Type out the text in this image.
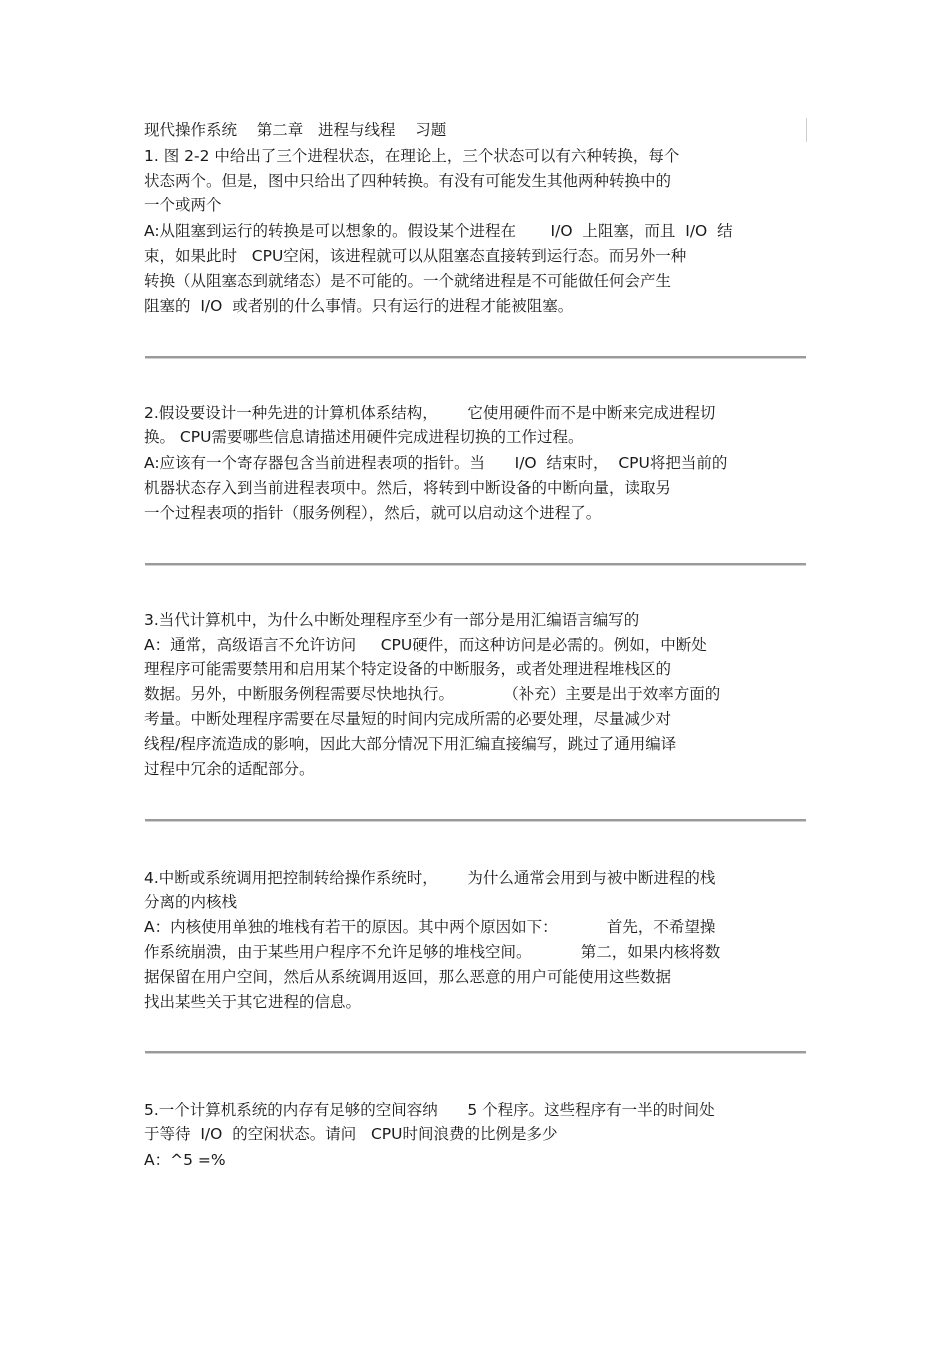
现代操作系统    第二章   进程与线程    习题
1. 图 2-2 中给出了三个进程状态，在理论上，三个状态可以有六种转换，每个
状态两个。但是，图中只给出了四种转换。有没有可能发生其他两种转换中的
一个或两个
A:从阻塞到运行的转换是可以想象的。假设某个进程在       I/O  上阻塞，而且  I/O  结
束，如果此时   CPU空闲，该进程就可以从阻塞态直接转到运行态。而另外一种
转换（从阻塞态到就绪态）是不可能的。一个就绪进程是不可能做任何会产生
阻塞的  I/O  或者别的什么事情。只有运行的进程才能被阻塞。
2.假设要设计一种先进的计算机体系结构，      它使用硬件而不是中断来完成进程切
换。 CPU需要哪些信息请描述用硬件完成进程切换的工作过程。
A:应该有一个寄存器包含当前进程表项的指针。当      I/O  结束时，  CPU将把当前的
机器状态存入到当前进程表项中。然后，将转到中断设备的中断向量，读取另
一个过程表项的指针（服务例程），然后，就可以启动这个进程了。
3.当代计算机中，为什么中断处理程序至少有一部分是用汇编语言编写的
A：通常，高级语言不允许访问     CPU硬件，而这种访问是必需的。例如，中断处
理程序可能需要禁用和启用某个特定设备的中断服务，或者处理进程堆栈区的
数据。另外，中断服务例程需要尽快地执行。          （补充）主要是出于效率方面的
考量。中断处理程序需要在尽量短的时间内完成所需的必要处理，尽量减少对
线程/程序流造成的影响，因此大部分情况下用汇编直接编写，跳过了通用编译
过程中冗余的适配部分。
4.中断或系统调用把控制转给操作系统时，      为什么通常会用到与被中断进程的栈
分离的内核栈
A：内核使用单独的堆栈有若干的原因。其中两个原因如下：          首先，不希望操
作系统崩溃，由于某些用户程序不允许足够的堆栈空间。          第二，如果内核将数
据保留在用户空间，然后从系统调用返回，那么恶意的用户可能使用这些数据
找出某些关于其它进程的信息。
5.一个计算机系统的内存有足够的空间容纳      5 个程序。这些程序有一半的时间处
于等待  I/O  的空闲状态。请问   CPU时间浪费的比例是多少
A：^5 =%
